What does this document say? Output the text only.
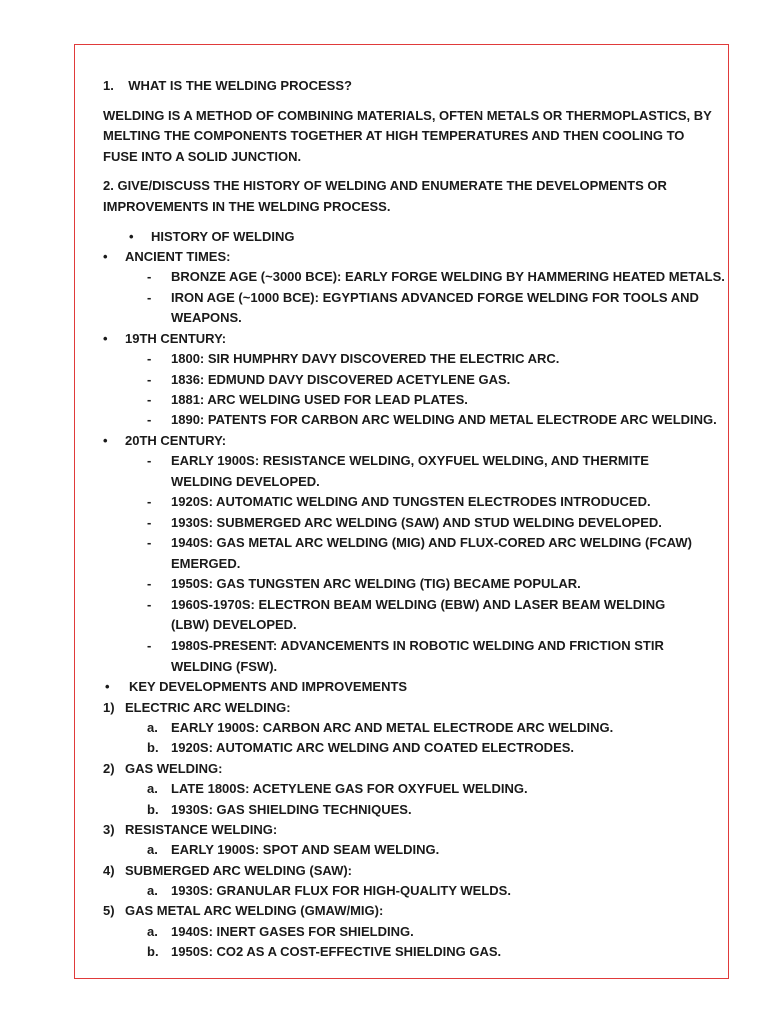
1.    WHAT IS THE WELDING PROCESS?

WELDING IS A METHOD OF COMBINING MATERIALS, OFTEN METALS OR THERMOPLASTICS, BY MELTING THE COMPONENTS TOGETHER AT HIGH TEMPERATURES AND THEN COOLING TO FUSE INTO A SOLID JUNCTION.

2. GIVE/DISCUSS THE HISTORY OF WELDING AND ENUMERATE THE DEVELOPMENTS OR IMPROVEMENTS IN THE WELDING PROCESS.

• HISTORY OF WELDING
• ANCIENT TIMES:
- BRONZE AGE (~3000 BCE): EARLY FORGE WELDING BY HAMMERING HEATED METALS.
- IRON AGE (~1000 BCE): EGYPTIANS ADVANCED FORGE WELDING FOR TOOLS AND WEAPONS.
• 19TH CENTURY:
- 1800: SIR HUMPHRY DAVY DISCOVERED THE ELECTRIC ARC.
- 1836: EDMUND DAVY DISCOVERED ACETYLENE GAS.
- 1881: ARC WELDING USED FOR LEAD PLATES.
- 1890: PATENTS FOR CARBON ARC WELDING AND METAL ELECTRODE ARC WELDING.
• 20TH CENTURY:
- EARLY 1900S: RESISTANCE WELDING, OXYFUEL WELDING, AND THERMITE WELDING DEVELOPED.
- 1920S: AUTOMATIC WELDING AND TUNGSTEN ELECTRODES INTRODUCED.
- 1930S: SUBMERGED ARC WELDING (SAW) AND STUD WELDING DEVELOPED.
- 1940S: GAS METAL ARC WELDING (MIG) AND FLUX-CORED ARC WELDING (FCAW) EMERGED.
- 1950S: GAS TUNGSTEN ARC WELDING (TIG) BECAME POPULAR.
- 1960S-1970S: ELECTRON BEAM WELDING (EBW) AND LASER BEAM WELDING (LBW) DEVELOPED.
- 1980S-PRESENT: ADVANCEMENTS IN ROBOTIC WELDING AND FRICTION STIR WELDING (FSW).
• KEY DEVELOPMENTS AND IMPROVEMENTS
1) ELECTRIC ARC WELDING:
a. EARLY 1900S: CARBON ARC AND METAL ELECTRODE ARC WELDING.
b. 1920S: AUTOMATIC ARC WELDING AND COATED ELECTRODES.
2) GAS WELDING:
a. LATE 1800S: ACETYLENE GAS FOR OXYFUEL WELDING.
b. 1930S: GAS SHIELDING TECHNIQUES.
3) RESISTANCE WELDING:
a. EARLY 1900S: SPOT AND SEAM WELDING.
4) SUBMERGED ARC WELDING (SAW):
a. 1930S: GRANULAR FLUX FOR HIGH-QUALITY WELDS.
5) GAS METAL ARC WELDING (GMAW/MIG):
a. 1940S: INERT GASES FOR SHIELDING.
b. 1950S: CO2 AS A COST-EFFECTIVE SHIELDING GAS.
